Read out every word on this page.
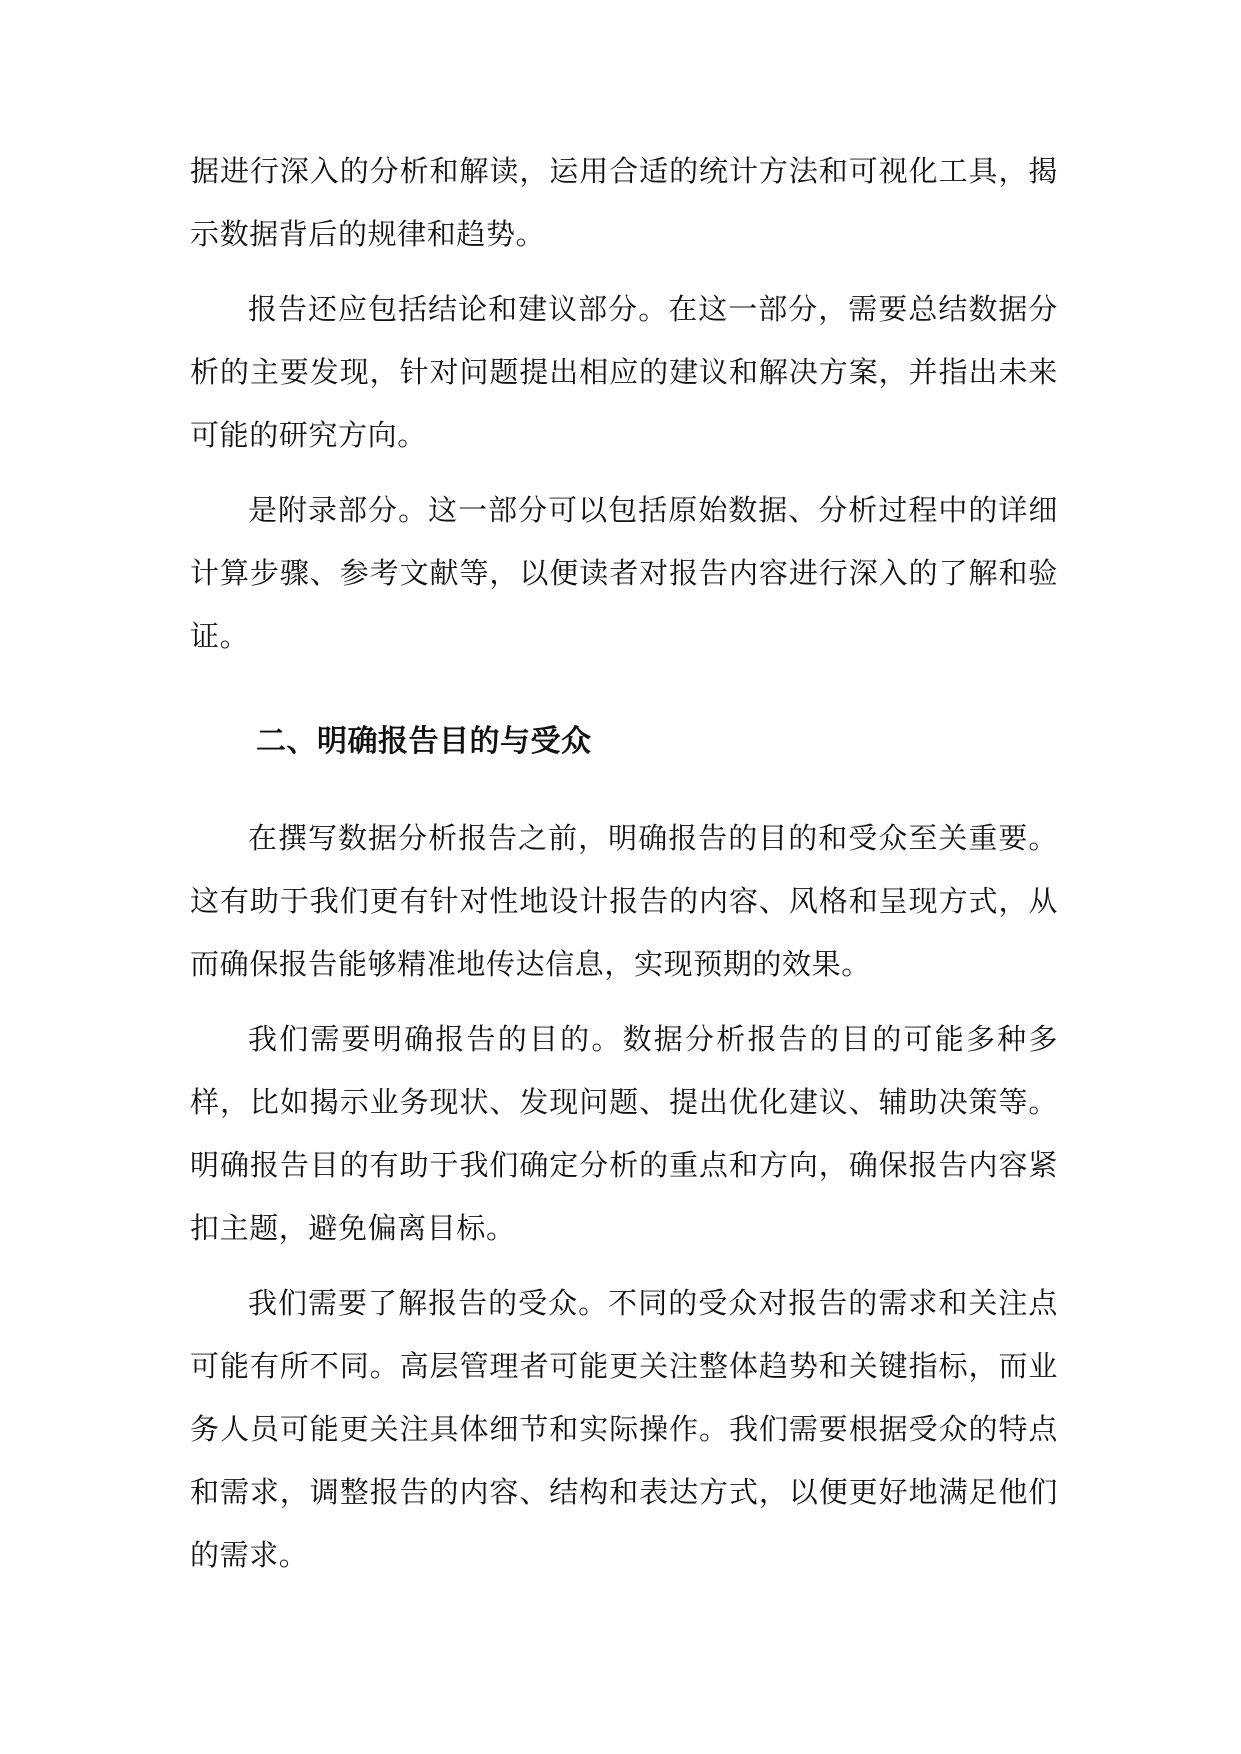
据进行深入的分析和解读，运用合适的统计方法和可视化工具，揭示数据背后的规律和趋势。

报告还应包括结论和建议部分。在这一部分，需要总结数据分析的主要发现，针对问题提出相应的建议和解决方案，并指出未来可能的研究方向。

是附录部分。这一部分可以包括原始数据、分析过程中的详细计算步骤、参考文献等，以便读者对报告内容进行深入的了解和验证。

二、明确报告目的与受众

在撰写数据分析报告之前，明确报告的目的和受众至关重要。这有助于我们更有针对性地设计报告的内容、风格和呈现方式，从而确保报告能够精准地传达信息，实现预期的效果。

我们需要明确报告的目的。数据分析报告的目的可能多种多样，比如揭示业务现状、发现问题、提出优化建议、辅助决策等。明确报告目的有助于我们确定分析的重点和方向，确保报告内容紧扣主题，避免偏离目标。

我们需要了解报告的受众。不同的受众对报告的需求和关注点可能有所不同。高层管理者可能更关注整体趋势和关键指标，而业务人员可能更关注具体细节和实际操作。我们需要根据受众的特点和需求，调整报告的内容、结构和表达方式，以便更好地满足他们的需求。
